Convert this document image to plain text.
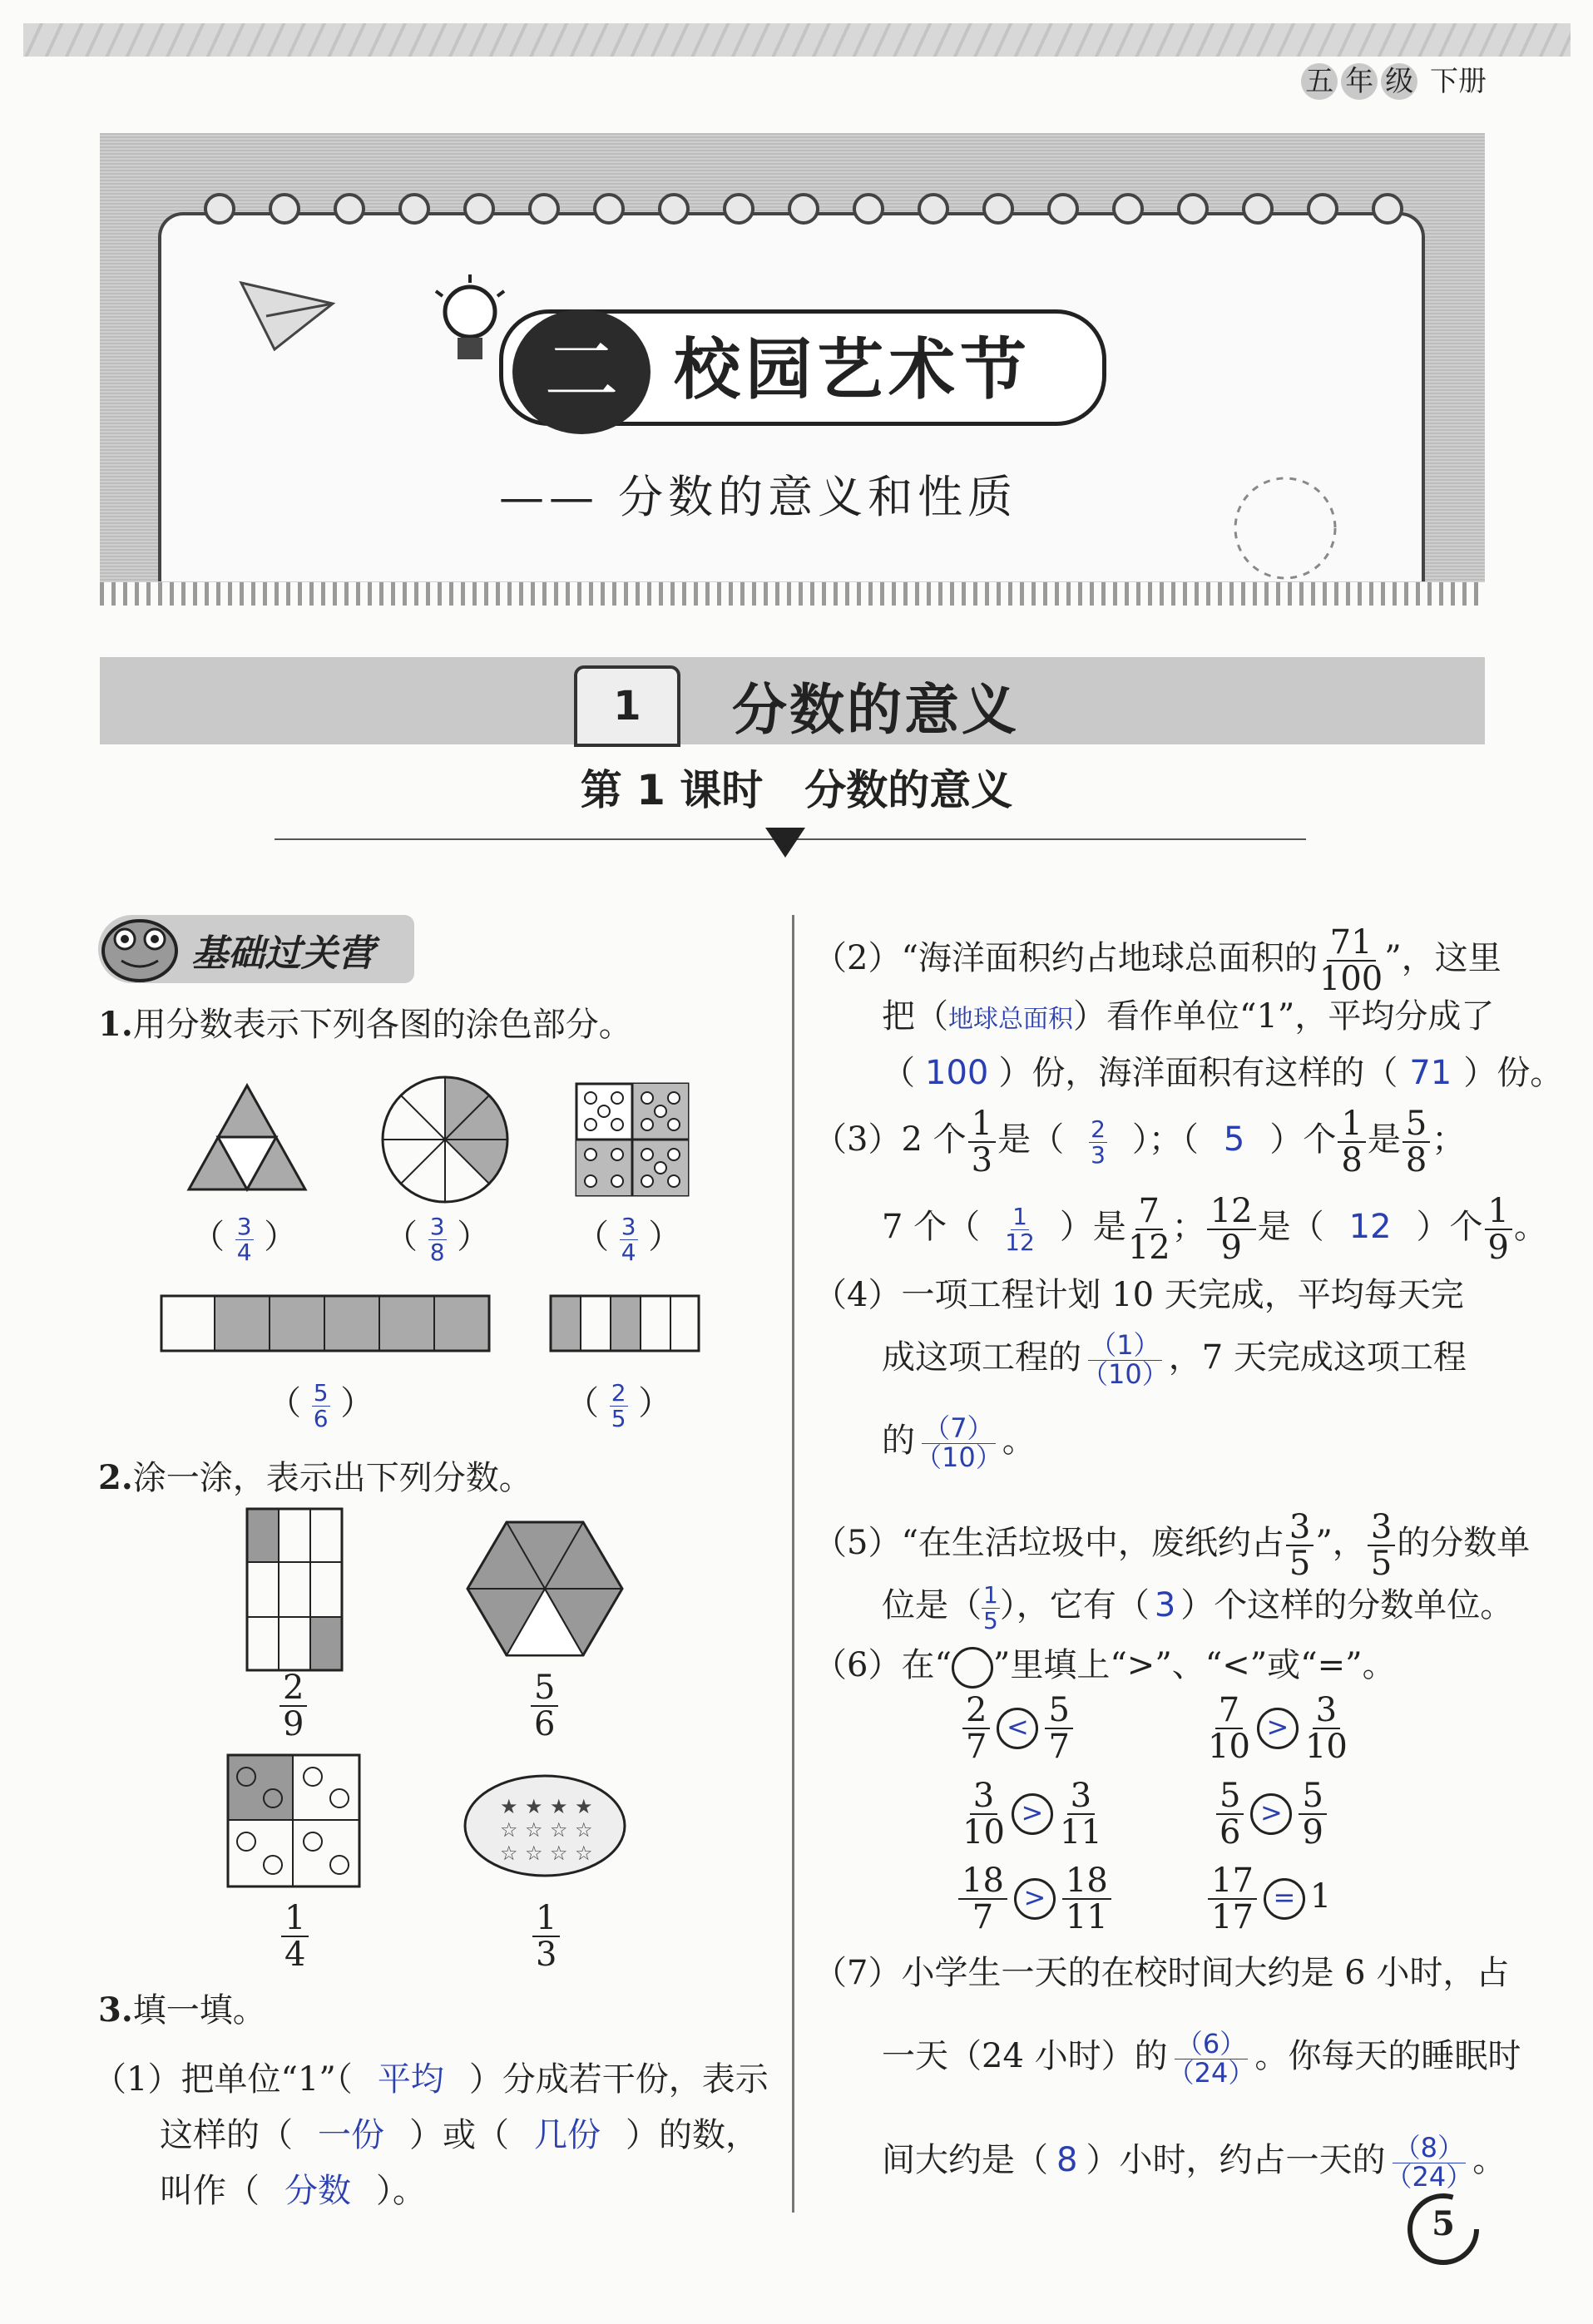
五 年 级 下册
二 校园艺术节
—— 分数的意义和性质
1	分数的意义
第 1 课时　分数的意义
基础过关营
1.用分数表示下列各图的涂色部分。
（ $\frac{3}{4}$ ）	（ $\frac{3}{8}$ ）	（ $\frac{3}{4}$ ）
（ $\frac{5}{6}$ ）	（ $\frac{2}{5}$ ）
2.涂一涂，表示出下列分数。
$\frac{2}{9}$	$\frac{5}{6}$
★ ★ ★ ★
☆ ☆ ☆ ☆
☆ ☆ ☆ ☆
$\frac{1}{4}$	$\frac{1}{3}$
3.填一填。
（1）把单位“1”（ 平均 ）分成若干份，表示
这样的（ 一份 ）或（ 几份 ）的数，
叫作（ 分数 ）。
（2）“海洋面积约占地球总面积的 $\frac{71}{100}$ ”，这里
把（地球总面积）看作单位“1”，平均分成了
（ 100 ）份，海洋面积有这样的（ 71 ）份。
（3）2 个 $\frac{1}{3}$ 是（ $\frac{2}{3}$ ）；（ 5 ）个 $\frac{1}{8}$ 是 $\frac{5}{8}$ ；
7 个（ $\frac{1}{12}$ ）是 $\frac{7}{12}$ ； $\frac{12}{9}$ 是（ 12 ）个 $\frac{1}{9}$ 。
（4）一项工程计划 10 天完成，平均每天完
成这项工程的 $\frac{(1)}{(10)}$ ，7 天完成这项工程
的 $\frac{(7)}{(10)}$ 。
（5）“在生活垃圾中，废纸约占 $\frac{3}{5}$ ”， $\frac{3}{5}$ 的分数单
位是（ $\frac{1}{5}$ ），它有（ 3 ）个这样的分数单位。
（6）在“ ”里填上“>”、“<”或“=”。
$\frac{2}{7} < \frac{5}{7}$	$\frac{7}{10} > \frac{3}{10}$
$\frac{3}{10} > \frac{3}{11}$	$\frac{5}{6} > \frac{5}{9}$
$\frac{18}{7} > \frac{18}{11}$	$\frac{17}{17} = 1$
（7）小学生一天的在校时间大约是 6 小时，占
一天（24 小时）的 $\frac{(6)}{(24)}$ 。你每天的睡眠时
间大约是（ 8 ）小时，约占一天的 $\frac{(8)}{(24)}$ 。
5
